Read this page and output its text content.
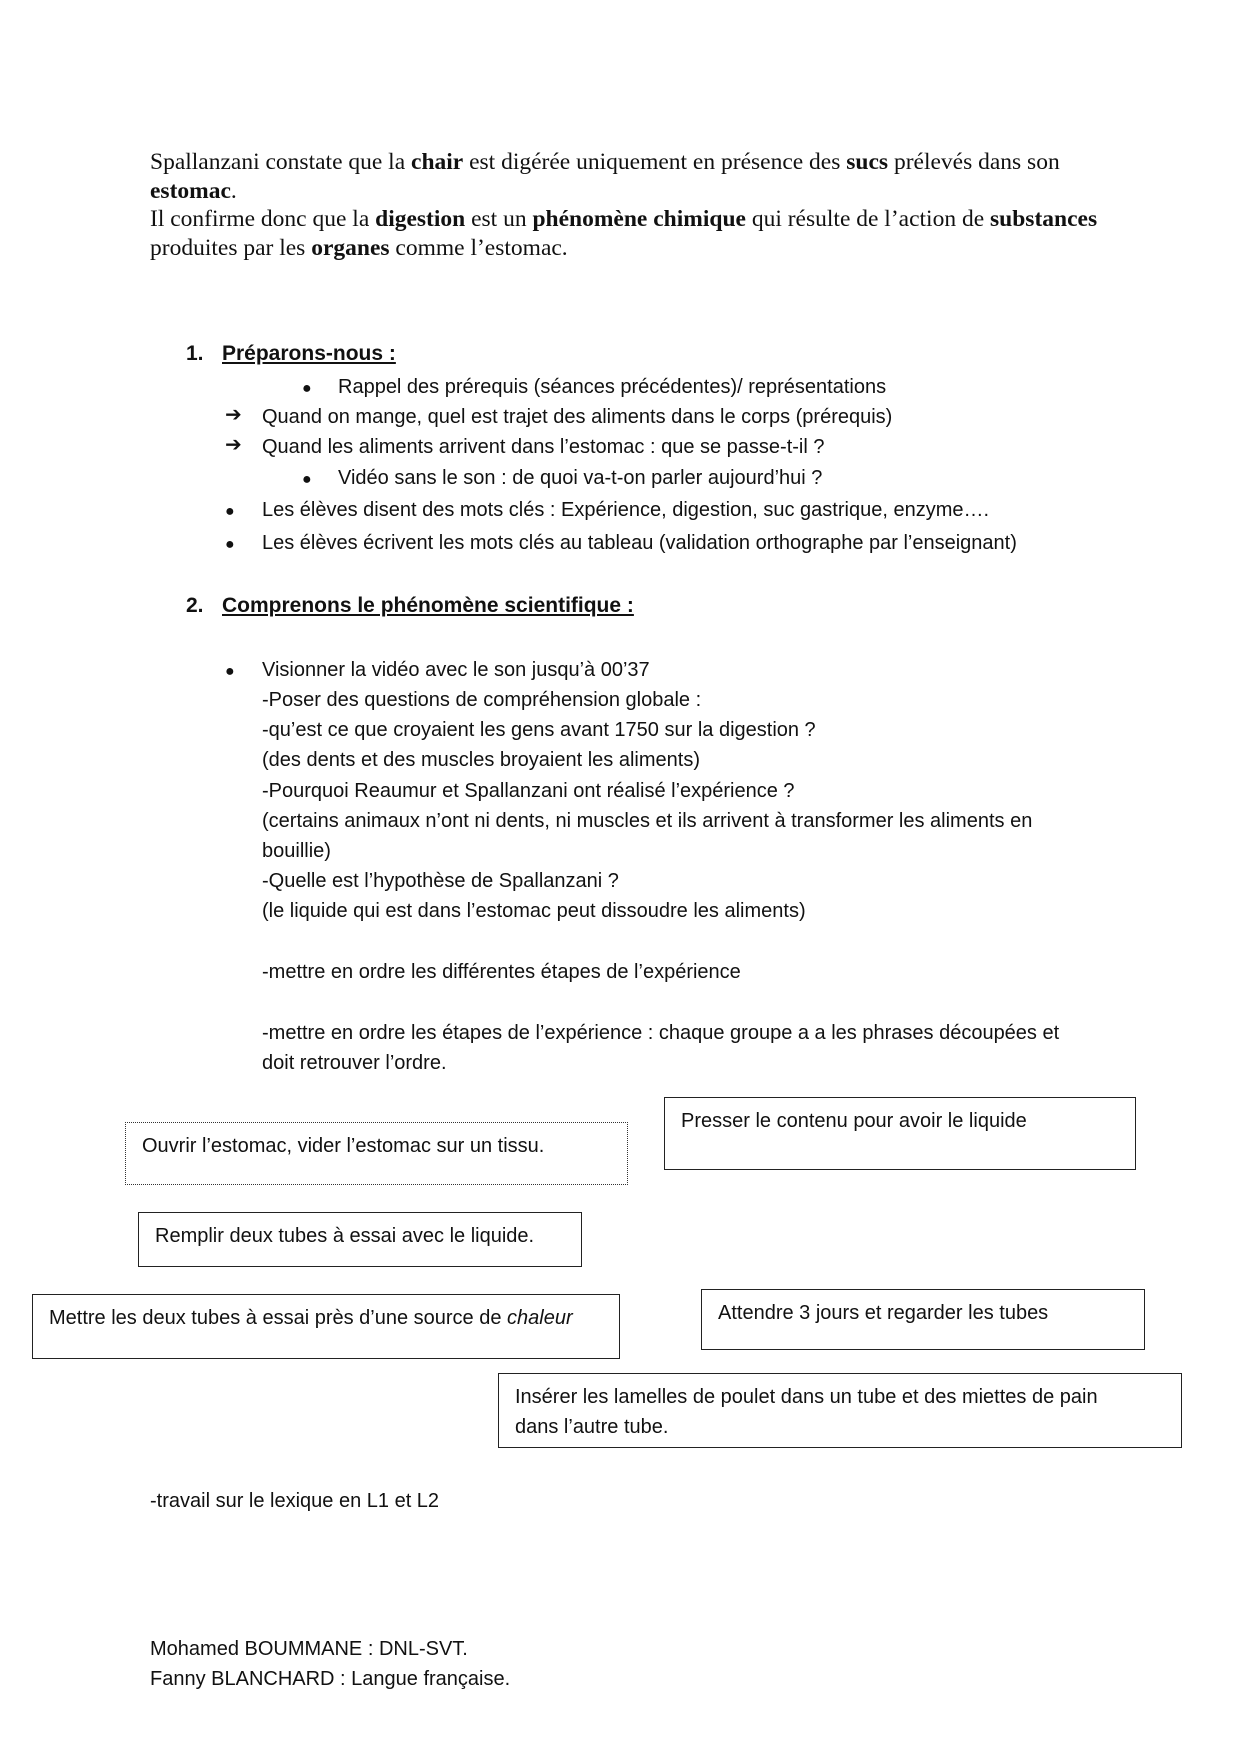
Spallanzani constate que la chair est digérée uniquement en présence des sucs prélevés dans son estomac.

Il confirme donc que la digestion est un phénomène chimique qui résulte de l’action de substances produites par les organes comme l’estomac.

1. Préparons-nous :
● Rappel des prérequis (séances précédentes)/ représentations
➔ Quand on mange, quel est trajet des aliments dans le corps (prérequis)
➔ Quand les aliments arrivent dans l’estomac : que se passe-t-il ?
● Vidéo sans le son : de quoi va-t-on parler aujourd’hui ?
● Les élèves disent des mots clés : Expérience, digestion, suc gastrique, enzyme….
● Les élèves écrivent les mots clés au tableau (validation orthographe par l’enseignant)
2. Comprenons le phénomène scientifique :
● Visionner la vidéo avec le son jusqu’à 00’37
-Poser des questions de compréhension globale :
-qu’est ce que croyaient les gens avant 1750 sur la digestion ?
(des dents et des muscles broyaient les aliments)
-Pourquoi Reaumur et Spallanzani ont réalisé l’expérience ?
(certains animaux n’ont ni dents, ni muscles et ils arrivent à transformer les aliments en
bouillie)
-Quelle est l’hypothèse de Spallanzani ?
(le liquide qui est dans l’estomac peut dissoudre les aliments)
-mettre en ordre les différentes étapes de l’expérience
-mettre en ordre les étapes de l’expérience : chaque groupe a a les phrases découpées et
doit retrouver l’ordre.
Presser le contenu pour avoir le liquide
Ouvrir l’estomac, vider l’estomac sur un tissu.
Remplir deux tubes à essai avec le liquide.
Mettre les deux tubes à essai près d’une source de chaleur	Attendre 3 jours et regarder les tubes
Insérer les lamelles de poulet dans un tube et des miettes de pain
dans l’autre tube.
-travail sur le lexique en L1 et L2
Mohamed BOUMMANE : DNL-SVT.
Fanny BLANCHARD : Langue française.
